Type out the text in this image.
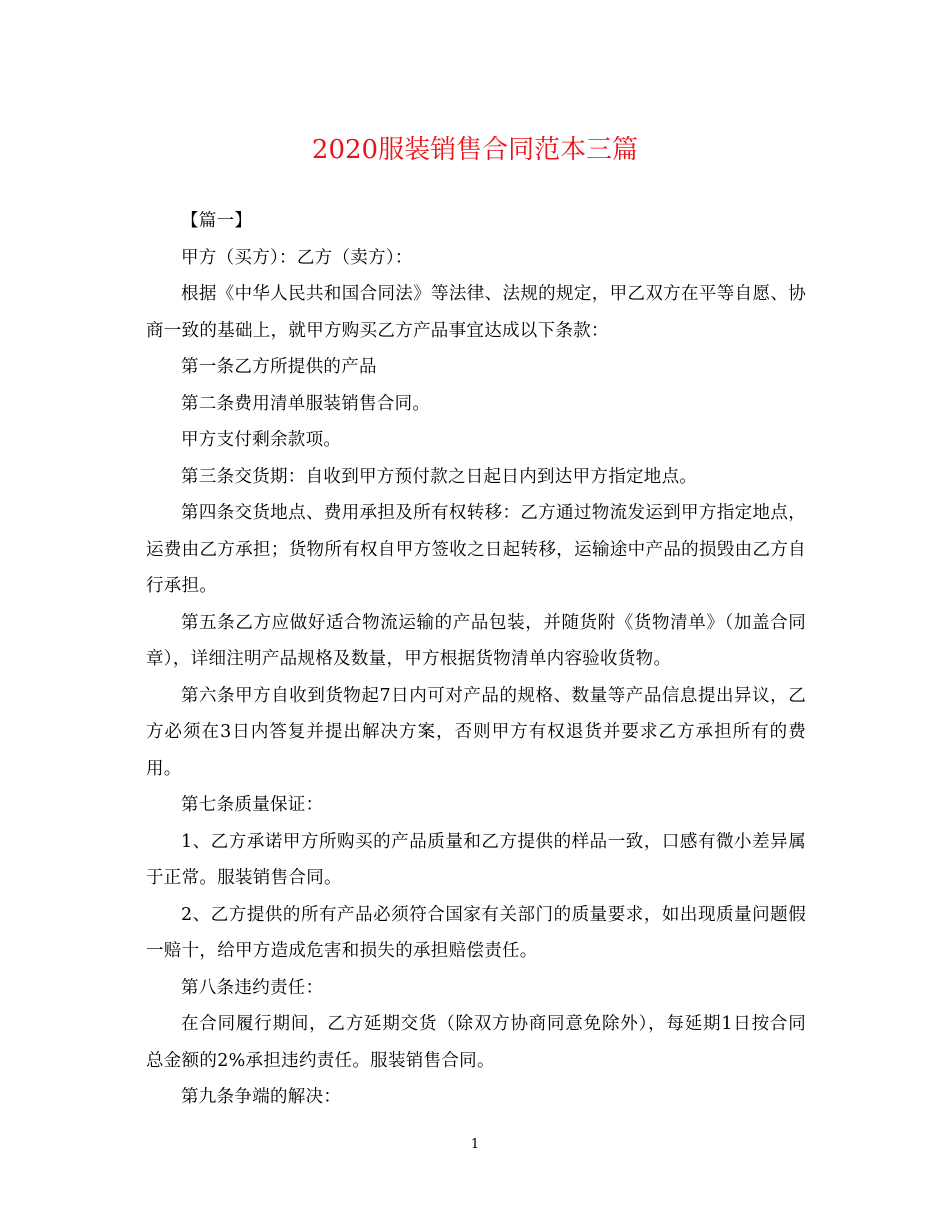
2020服装销售合同范本三篇

【篇一】

甲方（买方）：乙方（卖方）：

根据《中华人民共和国合同法》等法律、法规的规定，甲乙双方在平等自愿、协商一致的基础上，就甲方购买乙方产品事宜达成以下条款：

第一条乙方所提供的产品

第二条费用清单服装销售合同。

甲方支付剩余款项。

第三条交货期：自收到甲方预付款之日起日内到达甲方指定地点。

第四条交货地点、费用承担及所有权转移：乙方通过物流发运到甲方指定地点，运费由乙方承担；货物所有权自甲方签收之日起转移，运输途中产品的损毁由乙方自行承担。

第五条乙方应做好适合物流运输的产品包装，并随货附《货物清单》（加盖合同章），详细注明产品规格及数量，甲方根据货物清单内容验收货物。

第六条甲方自收到货物起7日内可对产品的规格、数量等产品信息提出异议，乙方必须在3日内答复并提出解决方案，否则甲方有权退货并要求乙方承担所有的费用。

第七条质量保证：

1、乙方承诺甲方所购买的产品质量和乙方提供的样品一致，口感有微小差异属于正常。服装销售合同。

2、乙方提供的所有产品必须符合国家有关部门的质量要求，如出现质量问题假一赔十，给甲方造成危害和损失的承担赔偿责任。

第八条违约责任：

在合同履行期间，乙方延期交货（除双方协商同意免除外），每延期1日按合同总金额的2%承担违约责任。服装销售合同。

第九条争端的解决：

1
